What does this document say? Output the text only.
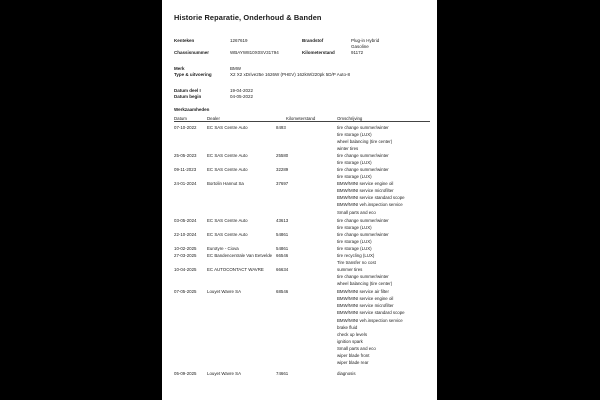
Historie Reparatie, Onderhoud & Banden
Kenteken	1267619
Chassisnummer	WBAYW810X0SV31794
Brandstof	Plug-in Hybrid
Gasoline
Kilometerstand	91172
Merk	BMW
Type & uitvoering	X2 X2 xDrive25e 1626W (PHEV) 162kW/220pk 5D/P Auto-8
Datum deel I	19-04-2022
Datum begin	04-05-2022
Werkzaamheden
Datum	Dealer	Kilometerstand	Omschrijving
07-10-2022 EC SAS Centre Auto	8493	tire change summer/winter
tire storage (LUX)
wheel balancing (tire center)
winter tires
25-05-2023 EC SAS Centre Auto	25580	tire change summer/winter
tire storage (LUX)
09-11-2023 EC SAS Centre Auto	32289	tire change summer/winter
tire storage (LUX)
24-01-2024 Bortolin Hannut Sa	37697	BMW/MINI service engine oil
BMW/MINI service microfilter
BMW/MINI service standard scope
BMW/MINI veh.inspection service
Small parts and eco
03-05-2024 EC SAS Centre Auto	43613	tire change summer/winter
tire storage (LUX)
22-10-2024 EC SAS Centre Auto	54861	tire change summer/winter
tire storage (LUX)
10-02-2025 Eurotyre - Ciova	54861	tire storage (LUX)
27-03-2025 EC Bandencentrale Van Eetvelde 66546	tire recycling (LUX)
Tire transfer no cost
10-04-2025 EC AUTOCONTACT WAVRE	66634	summer tires
tire change summer/winter
wheel balancing (tire center)
07-05-2025 Louyet Wavre SA	68546	BMW/MINI service air filter
BMW/MINI service engine oil
BMW/MINI service microfilter
BMW/MINI service standard scope
BMW/MINI veh.inspection service
brake fluid
check up levels
ignition spark
Small parts and eco
wiper blade front
wiper blade rear
05-09-2025 Louyet Wavre SA	74661	diagnosis
